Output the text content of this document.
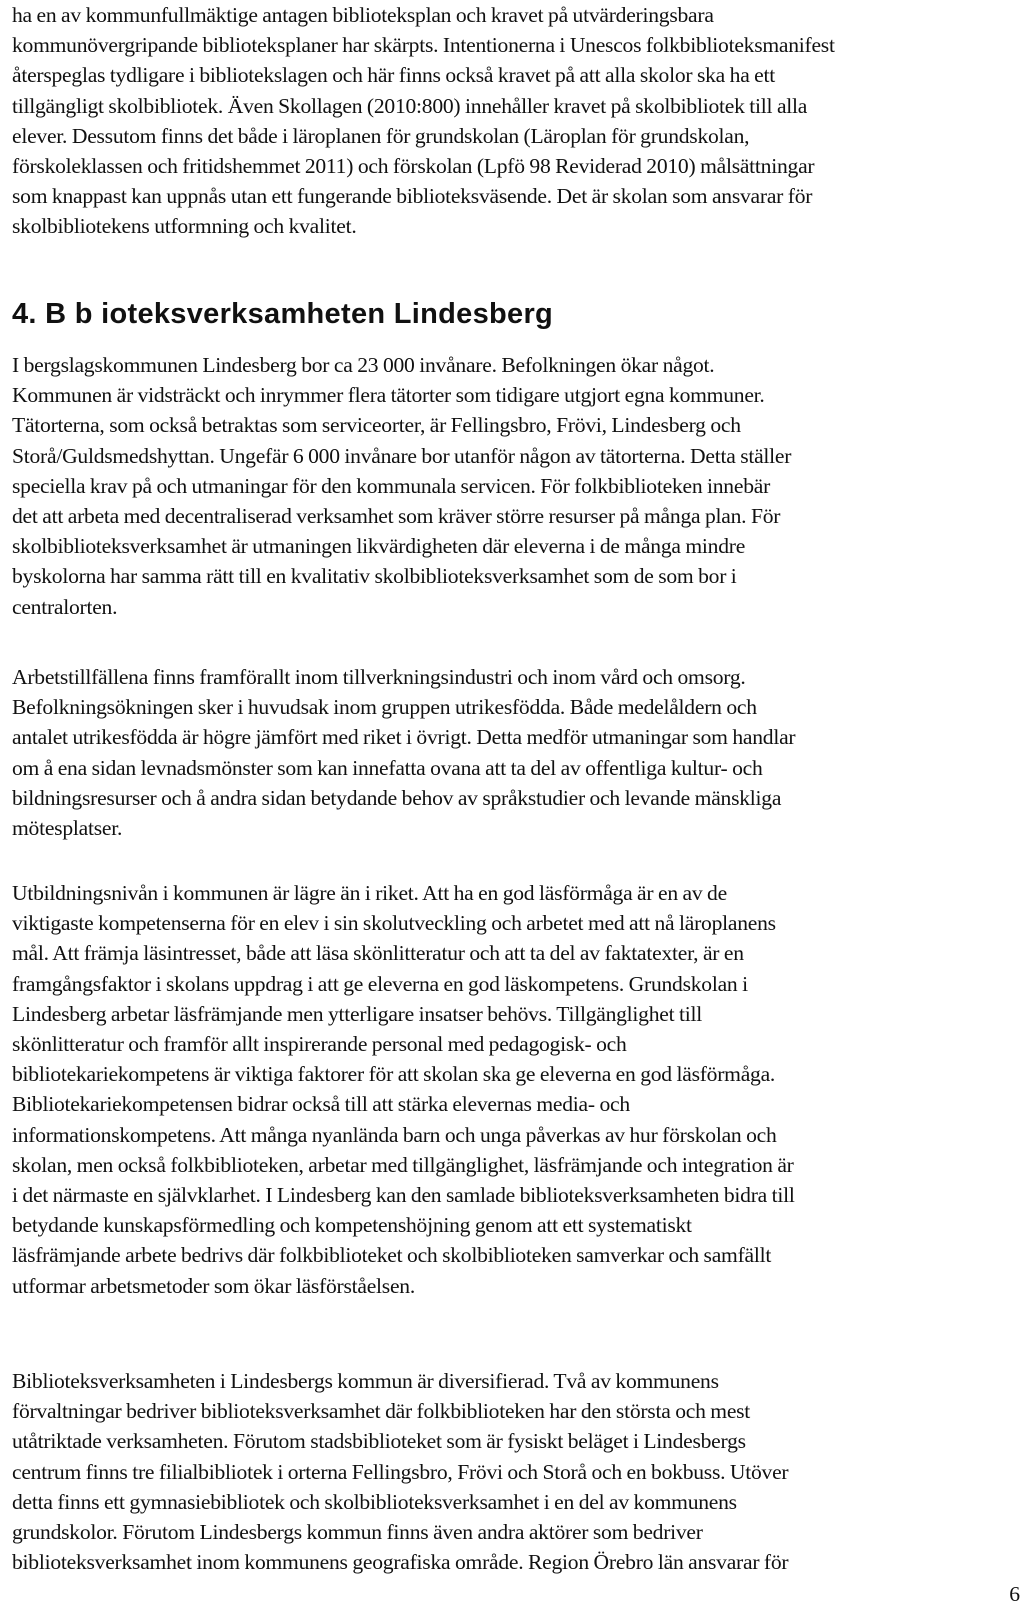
ha en av kommunfullmäktige antagen biblioteksplan och kravet på utvärderingsbara
kommunövergripande biblioteksplaner har skärpts. Intentionerna i Unescos folkbiblioteksmanifest
återspeglas tydligare i bibliotekslagen och här finns också kravet på att alla skolor ska ha ett
tillgängligt skolbibliotek. Även Skollagen (2010:800) innehåller kravet på skolbibliotek till alla
elever. Dessutom finns det både i läroplanen för grundskolan (Läroplan för grundskolan,
förskoleklassen och fritidshemmet 2011) och förskolan (Lpfö 98 Reviderad 2010) målsättningar
som knappast kan uppnås utan ett fungerande biblioteksväsende. Det är skolan som ansvarar för
skolbibliotekens utformning och kvalitet.
4. B b ioteksverksamheten Lindesberg
I bergslagskommunen Lindesberg bor ca 23 000 invånare. Befolkningen ökar något.
Kommunen är vidsträckt och inrymmer flera tätorter som tidigare utgjort egna kommuner.
Tätorterna, som också betraktas som serviceorter, är Fellingsbro, Frövi, Lindesberg och
Storå/Guldsmedshyttan. Ungefär 6 000 invånare bor utanför någon av tätorterna. Detta ställer
speciella krav på och utmaningar för den kommunala servicen. För folkbiblioteken innebär
det att arbeta med decentraliserad verksamhet som kräver större resurser på många plan. För
skolbiblioteksverksamhet är utmaningen likvärdigheten där eleverna i de många mindre
byskolorna har samma rätt till en kvalitativ skolbiblioteksverksamhet som de som bor i
centralorten.
Arbetstillfällena finns framförallt inom tillverkningsindustri och inom vård och omsorg.
Befolkningsökningen sker i huvudsak inom gruppen utrikesfödda. Både medelåldern och
antalet utrikesfödda är högre jämfört med riket i övrigt. Detta medför utmaningar som handlar
om å ena sidan levnadsmönster som kan innefatta ovana att ta del av offentliga kultur- och
bildningsresurser och å andra sidan betydande behov av språkstudier och levande mänskliga
mötesplatser.
Utbildningsnivån i kommunen är lägre än i riket. Att ha en god läsförmåga är en av de
viktigaste kompetenserna för en elev i sin skolutveckling och arbetet med att nå läroplanens
mål. Att främja läsintresset, både att läsa skönlitteratur och att ta del av faktatexter, är en
framgångsfaktor i skolans uppdrag i att ge eleverna en god läskompetens. Grundskolan i
Lindesberg arbetar läsfrämjande men ytterligare insatser behövs. Tillgänglighet till
skönlitteratur och framför allt inspirerande personal med pedagogisk- och
bibliotekariekompetens är viktiga faktorer för att skolan ska ge eleverna en god läsförmåga.
Bibliotekariekompetensen bidrar också till att stärka elevernas media- och
informationskompetens. Att många nyanlända barn och unga påverkas av hur förskolan och
skolan, men också folkbiblioteken, arbetar med tillgänglighet, läsfrämjande och integration är
i det närmaste en självklarhet. I Lindesberg kan den samlade biblioteksverksamheten bidra till
betydande kunskapsförmedling och kompetenshöjning genom att ett systematiskt
läsfrämjande arbete bedrivs där folkbiblioteket och skolbiblioteken samverkar och samfällt
utformar arbetsmetoder som ökar läsförståelsen.
Biblioteksverksamheten i Lindesbergs kommun är diversifierad. Två av kommunens
förvaltningar bedriver biblioteksverksamhet där folkbiblioteken har den största och mest
utåtriktade verksamheten. Förutom stadsbiblioteket som är fysiskt beläget i Lindesbergs
centrum finns tre filialbibliotek i orterna Fellingsbro, Frövi och Storå och en bokbuss. Utöver
detta finns ett gymnasiebibliotek och skolbiblioteksverksamhet i en del av kommunens
grundskolor. Förutom Lindesbergs kommun finns även andra aktörer som bedriver
biblioteksverksamhet inom kommunens geografiska område. Region Örebro län ansvarar för
6
